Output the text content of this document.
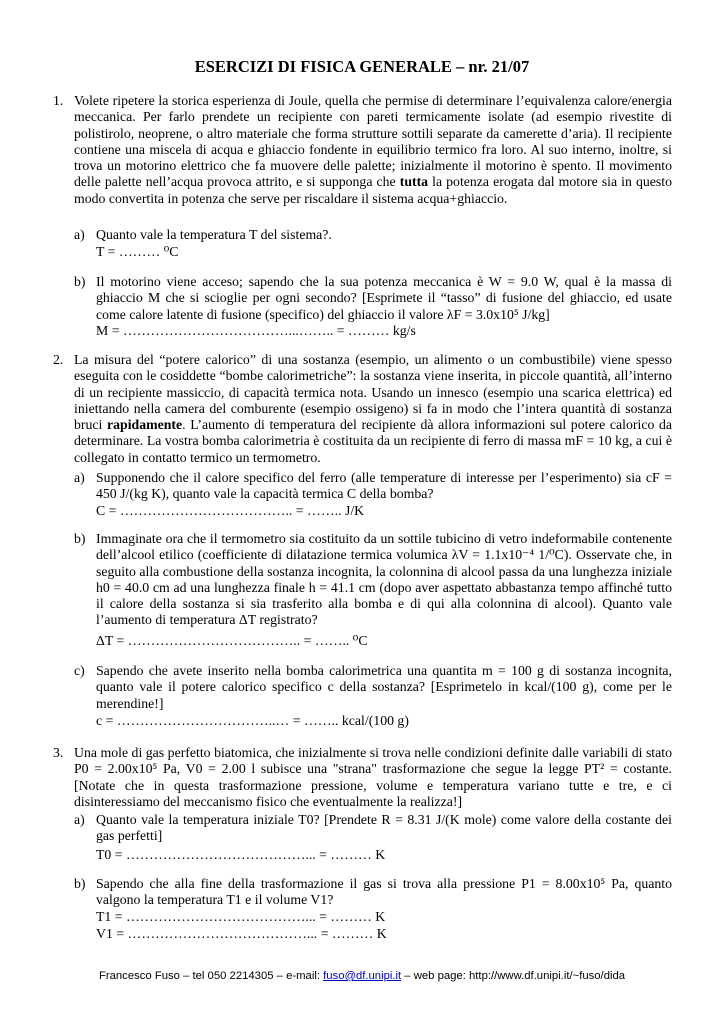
ESERCIZI DI FISICA GENERALE – nr. 21/07
1. Volete ripetere la storica esperienza di Joule, quella che permise di determinare l’equivalenza calore/energia meccanica. Per farlo prendete un recipiente con pareti termicamente isolate (ad esempio rivestite di polistirolo, neoprene, o altro materiale che forma strutture sottili separate da camerette d’aria). Il recipiente contiene una miscela di acqua e ghiaccio fondente in equilibrio termico fra loro. Al suo interno, inoltre, si trova un motorino elettrico che fa muovere delle palette; inizialmente il motorino è spento. Il movimento delle palette nell’acqua provoca attrito, e si supponga che tutta la potenza erogata dal motore sia in questo modo convertita in potenza che serve per riscaldare il sistema acqua+ghiaccio.
a) Quanto vale la temperatura T del sistema?.
T = ……… ⁰C
b) Il motorino viene acceso; sapendo che la sua potenza meccanica è W = 9.0 W, qual è la massa di ghiaccio M che si scioglie per ogni secondo? [Esprimete il “tasso” di fusione del ghiaccio, ed usate come calore latente di fusione (specifico) del ghiaccio il valore λF = 3.0x10⁵ J/kg]
M = ………………………………...…….. = ……… kg/s
2. La misura del “potere calorico” di una sostanza (esempio, un alimento o un combustibile) viene spesso eseguita con le cosiddette “bombe calorimetriche”: la sostanza viene inserita, in piccole quantità, all’interno di un recipiente massiccio, di capacità termica nota. Usando un innesco (esempio una scarica elettrica) ed iniettando nella camera del comburente (esempio ossigeno) si fa in modo che l’intera quantità di sostanza bruci rapidamente. L’aumento di temperatura del recipiente dà allora informazioni sul potere calorico da determinare. La vostra bomba calorimetria è costituita da un recipiente di ferro di massa mF = 10 kg, a cui è collegato in contatto termico un termometro.
a) Supponendo che il calore specifico del ferro (alle temperature di interesse per l’esperimento) sia cF = 450 J/(kg K), quanto vale la capacità termica C della bomba?
C = ……………………………….. = …….. J/K
b) Immaginate ora che il termometro sia costituito da un sottile tubicino di vetro indeformabile contenente dell’alcool etilico (coefficiente di dilatazione termica volumica λV = 1.1x10⁻⁴ 1/⁰C). Osservate che, in seguito alla combustione della sostanza incognita, la colonnina di alcool passa da una lunghezza iniziale h0 = 40.0 cm ad una lunghezza finale h = 41.1 cm (dopo aver aspettato abbastanza tempo affinché tutto il calore della sostanza si sia trasferito alla bomba e di qui alla colonnina di alcool). Quanto vale l’aumento di temperatura ΔT registrato?
ΔT = ……………………………….. = …….. ⁰C
c) Sapendo che avete inserito nella bomba calorimetrica una quantita m = 100 g di sostanza incognita, quanto vale il potere calorico specifico c della sostanza? [Esprimetelo in kcal/(100 g), come per le merendine!]
c = ……………………………..… = …….. kcal/(100 g)
3. Una mole di gas perfetto biatomica, che inizialmente si trova nelle condizioni definite dalle variabili di stato P0 = 2.00x10⁵ Pa, V0 = 2.00 l subisce una "strana" trasformazione che segue la legge PT² = costante. [Notate che in questa trasformazione pressione, volume e temperatura variano tutte e tre, e ci disinteressiamo del meccanismo fisico che eventualmente la realizza!]
a) Quanto vale la temperatura iniziale T0? [Prendete R = 8.31 J/(K mole) come valore della costante dei gas perfetti]
T0 = …………………………………... = ……… K
b) Sapendo che alla fine della trasformazione il gas si trova alla pressione P1 = 8.00x10⁵ Pa, quanto valgono la temperatura T1 e il volume V1?
T1 = …………………………………... = ……… K
V1 = …………………………………... = ……… K
Francesco Fuso – tel 050 2214305 – e-mail: fuso@df.unipi.it – web page: http://www.df.unipi.it/~fuso/dida
